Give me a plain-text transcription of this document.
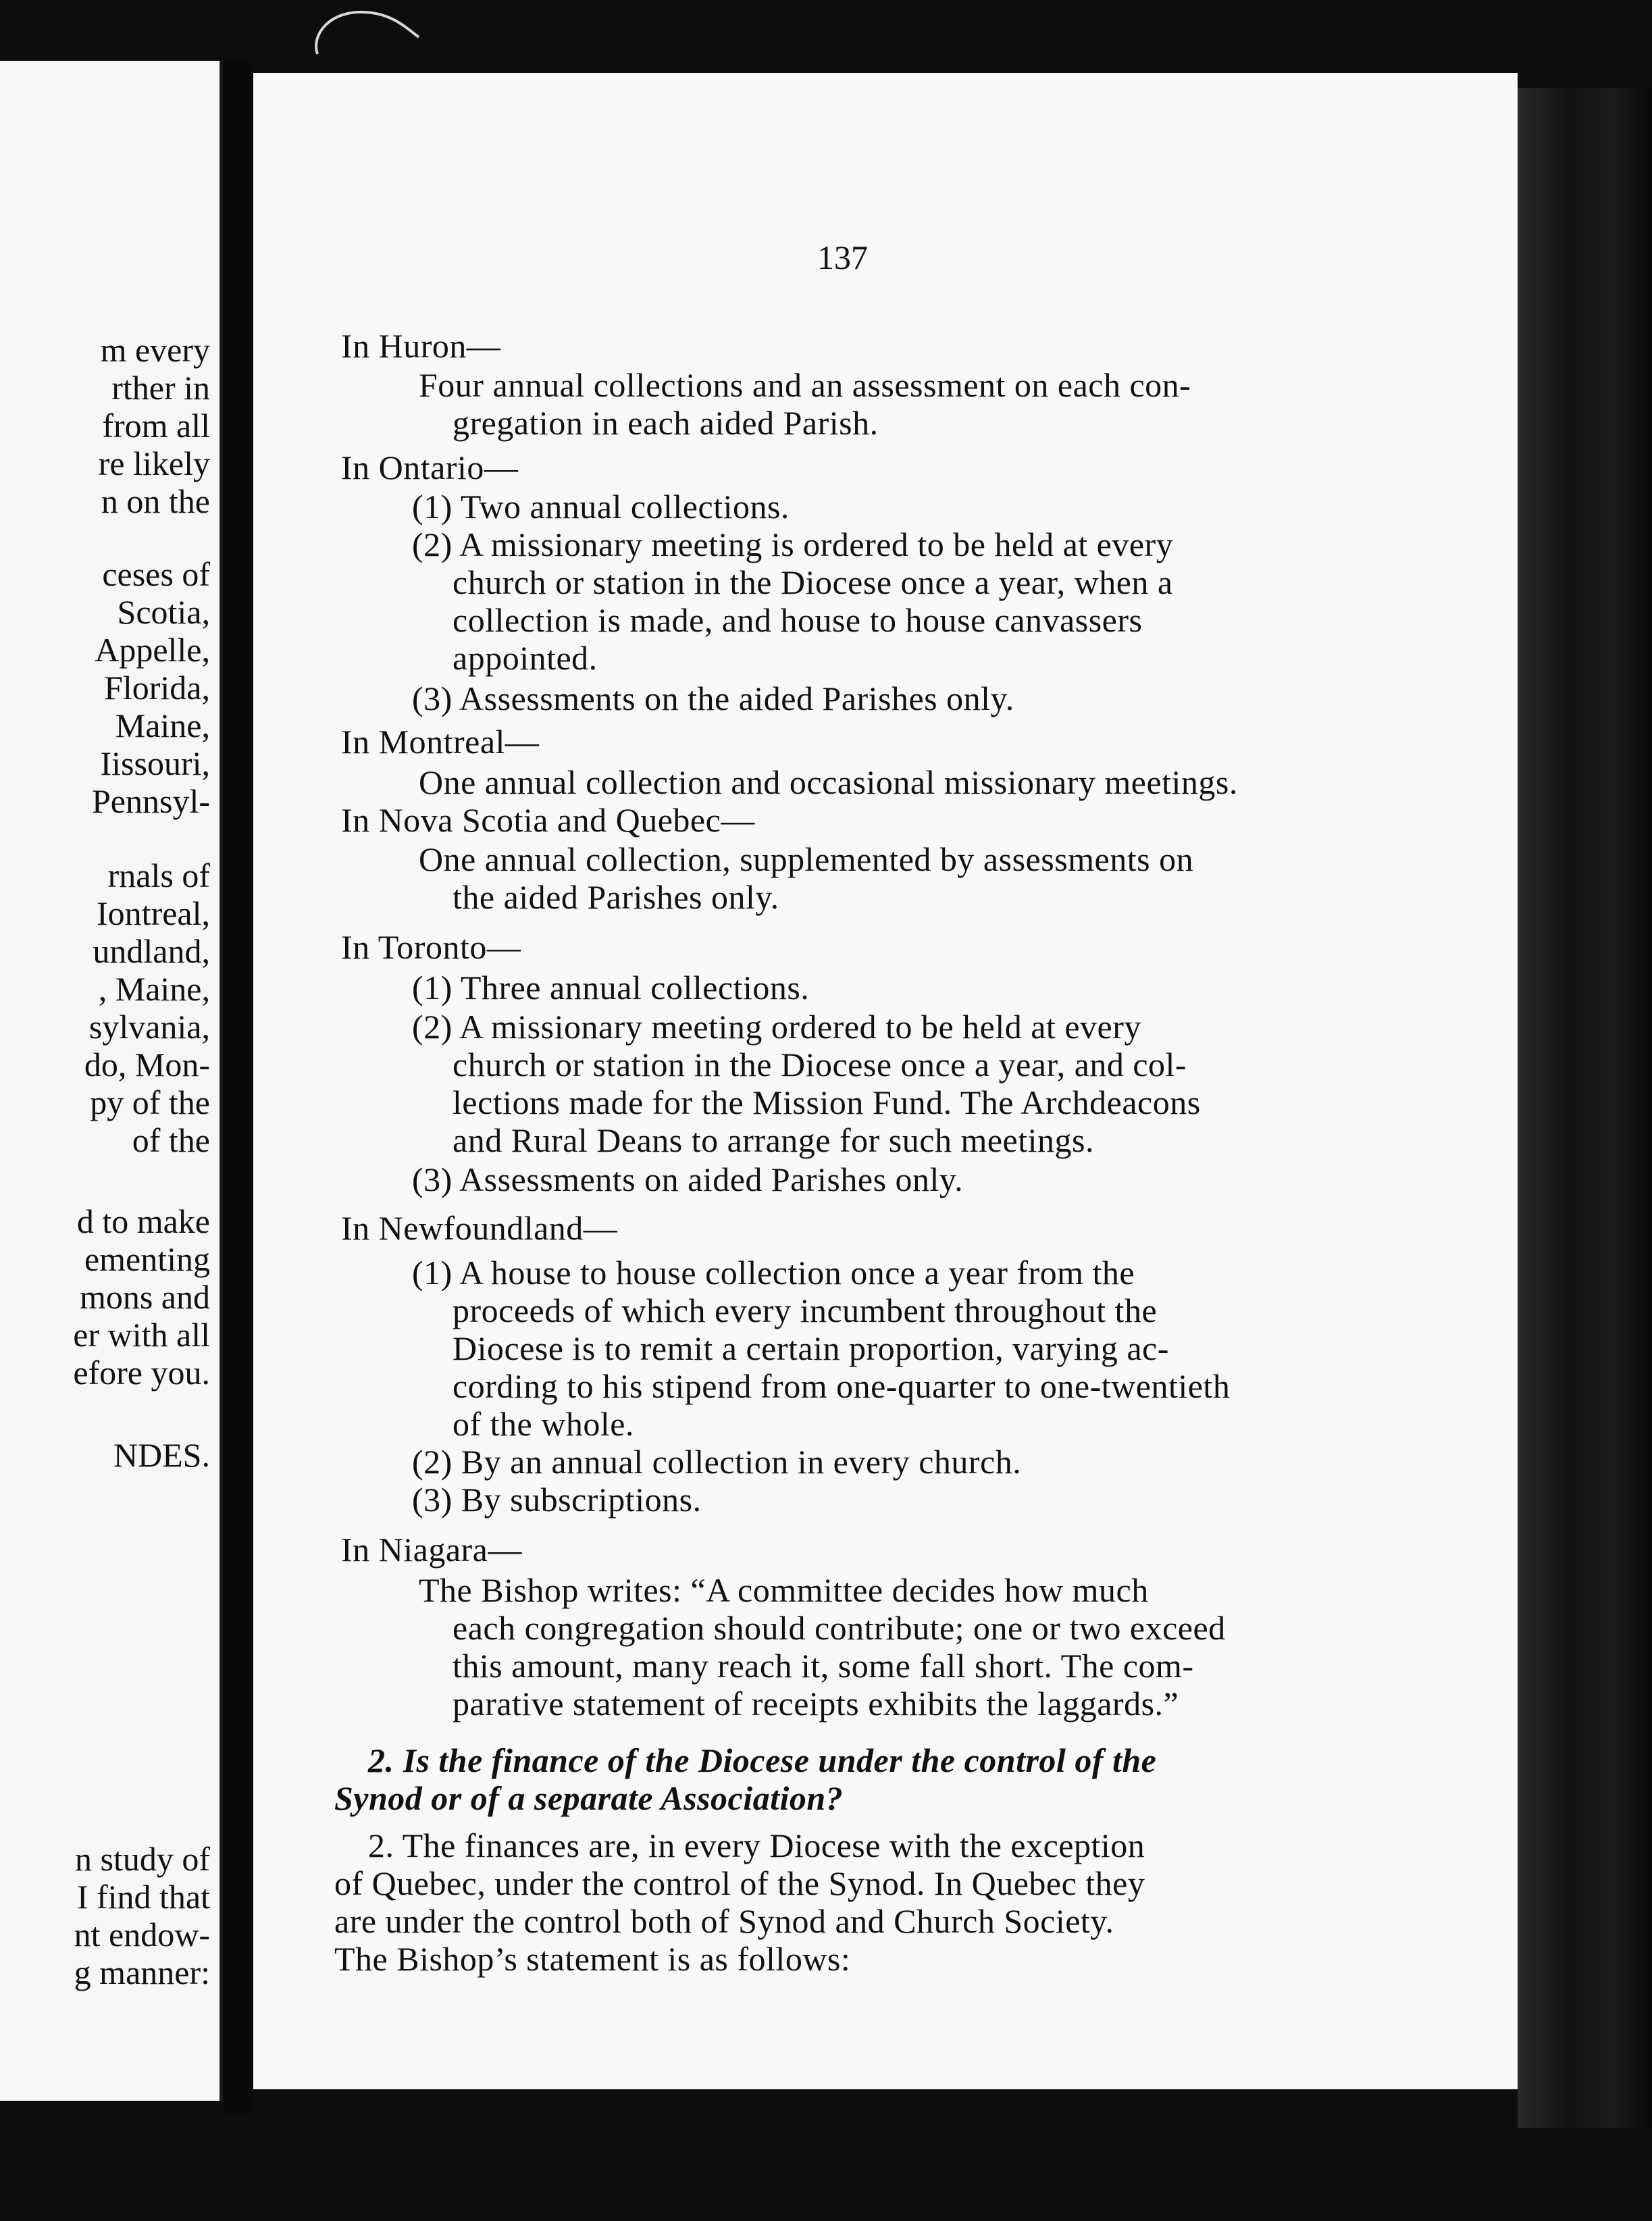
m every
rther in
from all
re likely
n on the
ceses of
Scotia,
Appelle,
Florida,
Maine,
Iissouri,
Pennsyl-
rnals of
Iontreal,
undland,
, Maine,
sylvania,
do, Mon-
py of the
of the
d to make
ementing
mons and
er with all
efore you.
NDES.
n study of
I find that
nt endow-
g manner:
137
In Huron—
Four annual collections and an assessment on each con-
gregation in each aided Parish.
In Ontario—
(1) Two annual collections.
(2) A missionary meeting is ordered to be held at every
church or station in the Diocese once a year, when a
collection is made, and house to house canvassers
appointed.
(3) Assessments on the aided Parishes only.
In Montreal—
One annual collection and occasional missionary meetings.
In Nova Scotia and Quebec—
One annual collection, supplemented by assessments on
the aided Parishes only.
In Toronto—
(1) Three annual collections.
(2) A missionary meeting ordered to be held at every
church or station in the Diocese once a year, and col-
lections made for the Mission Fund. The Archdeacons
and Rural Deans to arrange for such meetings.
(3) Assessments on aided Parishes only.
In Newfoundland—
(1) A house to house collection once a year from the
proceeds of which every incumbent throughout the
Diocese is to remit a certain proportion, varying ac-
cording to his stipend from one-quarter to one-twentieth
of the whole.
(2) By an annual collection in every church.
(3) By subscriptions.
In Niagara—
The Bishop writes: “A committee decides how much
each congregation should contribute; one or two exceed
this amount, many reach it, some fall short. The com-
parative statement of receipts exhibits the laggards.”
2. Is the finance of the Diocese under the control of the
Synod or of a separate Association?
2. The finances are, in every Diocese with the exception
of Quebec, under the control of the Synod. In Quebec they
are under the control both of Synod and Church Society.
The Bishop’s statement is as follows:
